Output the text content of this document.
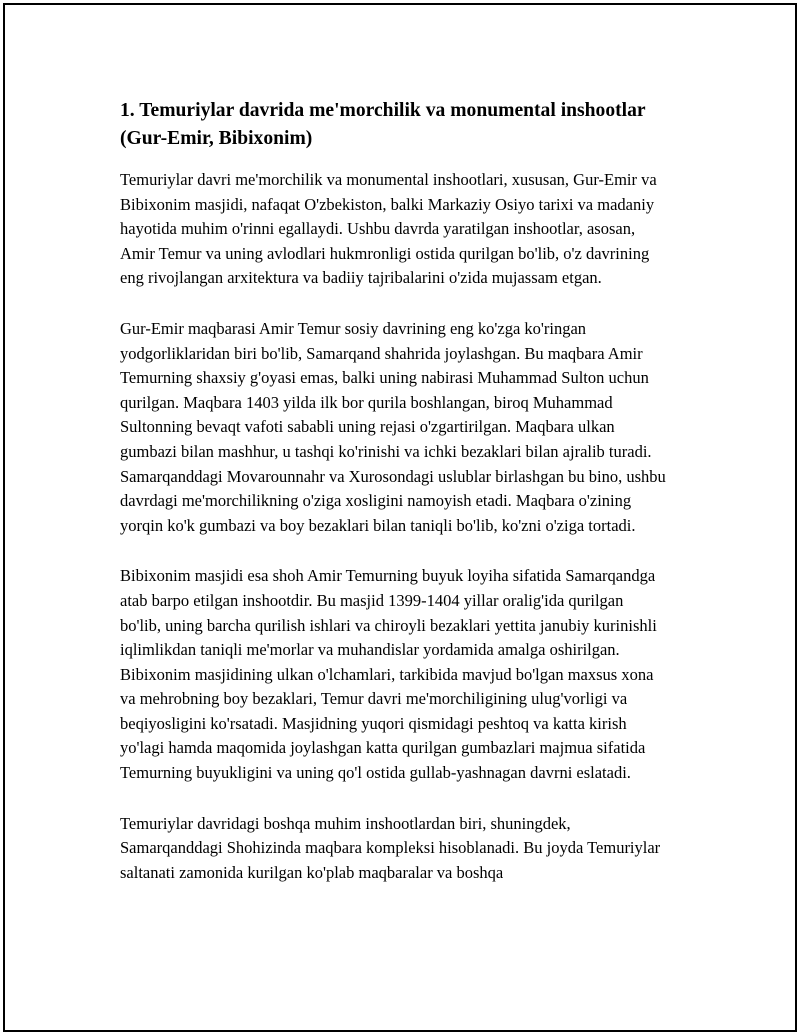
1. Temuriylar davrida me'morchilik va monumental inshootlar (Gur-Emir, Bibixonim)

Temuriylar davri me'morchilik va monumental inshootlari, xususan, Gur-Emir va Bibixonim masjidi, nafaqat O'zbekiston, balki Markaziy Osiyo tarixi va madaniy hayotida muhim o'rinni egallaydi. Ushbu davrda yaratilgan inshootlar, asosan, Amir Temur va uning avlodlari hukmronligi ostida qurilgan bo'lib, o'z davrining eng rivojlangan arxitektura va badiiy tajribalarini o'zida mujassam etgan.

Gur-Emir maqbarasi Amir Temur sosiy davrining eng ko'zga ko'ringan yodgorliklaridan biri bo'lib, Samarqand shahrida joylashgan. Bu maqbara Amir Temurning shaxsiy g'oyasi emas, balki uning nabirasi Muhammad Sulton uchun qurilgan. Maqbara 1403 yilda ilk bor qurila boshlangan, biroq Muhammad Sultonning bevaqt vafoti sababli uning rejasi o'zgartirilgan. Maqbara ulkan gumbazi bilan mashhur, u tashqi ko'rinishi va ichki bezaklari bilan ajralib turadi. Samarqanddagi Movarounnahr va Xurosondagi uslublar birlashgan bu bino, ushbu davrdagi me'morchilikning o'ziga xosligini namoyish etadi. Maqbara o'zining yorqin ko'k gumbazi va boy bezaklari bilan taniqli bo'lib, ko'zni o'ziga tortadi.

Bibixonim masjidi esa shoh Amir Temurning buyuk loyiha sifatida Samarqandga atab barpo etilgan inshootdir. Bu masjid 1399-1404 yillar oralig'ida qurilgan bo'lib, uning barcha qurilish ishlari va chiroyli bezaklari yettita janubiy kurinishli iqlimlikdan taniqli me'morlar va muhandislar yordamida amalga oshirilgan. Bibixonim masjidining ulkan o'lchamlari, tarkibida mavjud bo'lgan maxsus xona va mehrobning boy bezaklari, Temur davri me'morchiligining ulug'vorligi va beqiyosligini ko'rsatadi. Masjidning yuqori qismidagi peshtoq va katta kirish yo'lagi hamda maqomida joylashgan katta qurilgan gumbazlari majmua sifatida Temurning buyukligini va uning qo'l ostida gullab-yashnagan davrni eslatadi.

Temuriylar davridagi boshqa muhim inshootlardan biri, shuningdek, Samarqanddagi Shohizinda maqbara kompleksi hisoblanadi. Bu joyda Temuriylar saltanati zamonida kurilgan ko'plab maqbaralar va boshqa
